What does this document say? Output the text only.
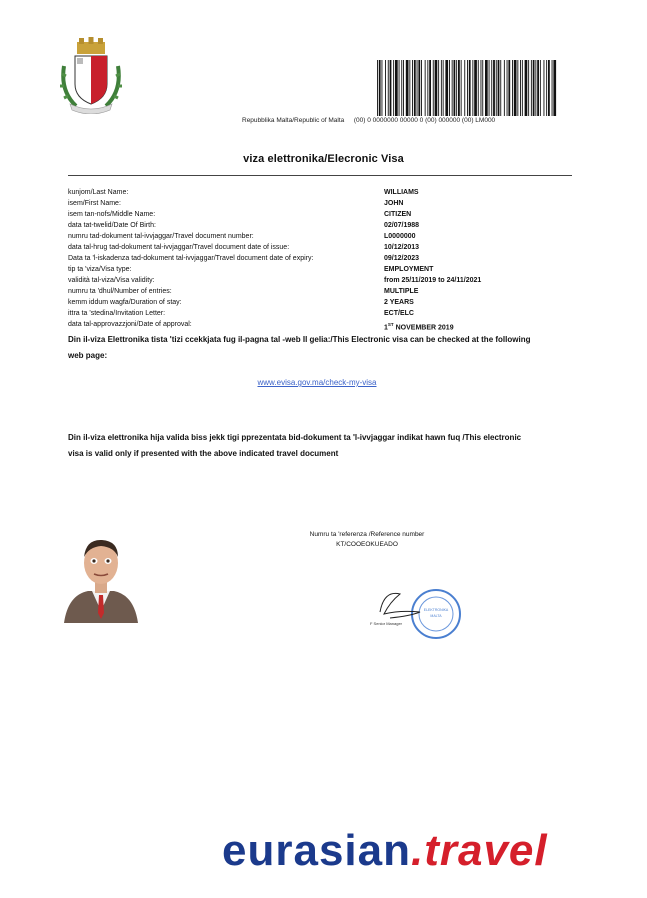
Repubblika Malta/Republic of Malta (00) 0 0000000 00000 0 (00) 000000 (00) LM000
viza elettronika/Elecronic Visa
kunjom/Last Name:	WILLIAMS
isem/First Name:	JOHN
isem tan-nofs/Middle Name:	CITIZEN
data tat-twelid/Date Of Birth:	02/07/1988
numru tad-dokument tal-ivvjaggar/Travel document number:	L0000000
data tal-hrug tad-dokument tal-ivvjaggar/Travel document date of issue:	10/12/2013
Data ta 'l-iskadenza tad-dokument tal-ivvjaggar/Travel document date of expiry:	09/12/2023
tip ta 'viza/Visa type:	EMPLOYMENT
validità tal-viza/Visa validity:	from 25/11/2019 to 24/11/2021
numru ta 'dhul/Number of entries:	MULTIPLE
kemm iddum wagfa/Duration of stay:	2 YEARS
ittra ta 'stedina/Invitation Letter:	ECT/ELC
data tal-approvazzjoni/Date of approval:	1ST NOVEMBER 2019
Din il-viza Elettronika tista 'tizi ccekkjata fug il-pagna tal -web Il gelia:/This Electronic visa can be checked at the following web page:
www.evisa.gov.ma/check-my-visa
Din il-viza elettronika hija valida biss jekk tigi pprezentata bid-dokument ta 'l-ivvjaggar indikat hawn fuq /This electronic visa is valid only if presented with the above indicated travel document
Numru ta 'referenza /Reference number
KT/COOEOKUEADO
ELEKTRONIKA
MALTA
F Senior Manager
eurasian.travel
